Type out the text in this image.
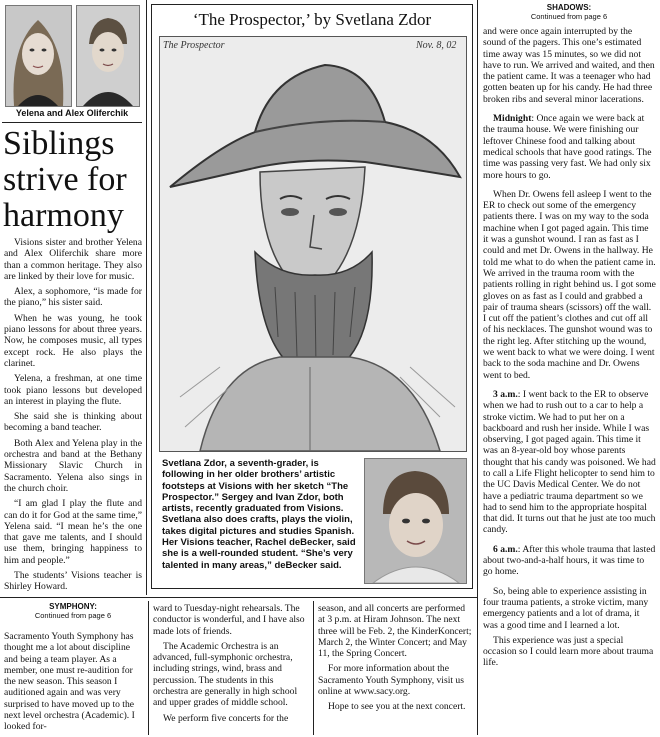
Yelena and Alex Oliferchik
Siblings strive for harmony

Visions sister and brother Yelena and Alex Oliferchik share more than a common heritage. They also are linked by their love for music.

Alex, a sophomore, “is made for the piano,” his sister said.

When he was young, he took piano lessons for about three years. Now, he composes music, all types except rock. He also plays the clarinet.

Yelena, a freshman, at one time took piano lessons but developed an interest in playing the flute.

She said she is thinking about becoming a band teacher.

Both Alex and Yelena play in the orchestra and band at the Bethany Missionary Slavic Church in Sacramento. Yelena also sings in the church choir.

“I am glad I play the flute and can do it for God at the same time,” Yelena said. “I mean he’s the one that gave me talents, and I should use them, bringing happiness to him and people.”

The students’ Visions teacher is Shirley Howard.

‘The Prospector,’ by Svetlana Zdor
The Prospector	Nov. 8, 02
Svetlana Zdor, a seventh-grader, is following in her older brothers’ artistic footsteps at Visions with her sketch “The Prospector.” Sergey and Ivan Zdor, both artists, recently graduated from Visions. Svetlana also does crafts, plays the violin, takes digital pictures and studies Spanish. Her Visions teacher, Rachel deBecker, said she is a well-rounded student. “She’s very talented in many areas,” deBecker said.
SHADOWS:
Continued from page 6

and were once again interrupted by the sound of the pagers. This one’s estimated time away was 15 minutes, so we did not have to run. We arrived and waited, and then the patient came. It was a teenager who had gotten beaten up for his candy. He had three broken ribs and several minor lacerations.

Midnight: Once again we were back at the trauma house. We were finishing our leftover Chinese food and talking about medical schools that have good ratings. The time was passing very fast. We had only six more hours to go.

When Dr. Owens fell asleep I went to the ER to check out some of the emergency patients there. I was on my way to the soda machine when I got paged again. This time it was a gunshot wound. I ran as fast as I could and met Dr. Owens in the hallway. He told me what to do when the patient came in. We arrived in the trauma room with the patients rolling in right behind us. I got some gloves on as fast as I could and grabbed a pair of trauma shears (scissors) off the wall. I cut off the patient’s clothes and cut off all of his necklaces. The gunshot wound was to the right leg. After stitching up the wound, we went back to what we were doing. I went back to the soda machine and Dr. Owens went to bed.

3 a.m.: I went back to the ER to observe when we had to rush out to a car to help a stroke victim. We had to put her on a backboard and rush her inside. While I was observing, I got paged again. This time it was an 8-year-old boy whose parents thought that his candy was poisoned. We had to call a Life Flight helicopter to send him to the UC Davis Medical Center. We do not have a pediatric trauma department so we had to send him to the appropriate hospital that did. It turns out that he just ate too much candy.

6 a.m.: After this whole trauma that lasted about two-and-a-half hours, it was time to go home.

So, being able to experience assisting in four trauma patients, a stroke victim, many emergency patients and a lot of drama, it was a good time and I learned a lot.

This experience was just a special occasion so I could learn more about trauma life.

SYMPHONY:
Continued from page 6

Sacramento Youth Symphony has thought me a lot about discipline and being a team player. As a member, one must re-audition for the new season. This season I auditioned again and was very surprised to have moved up to the next level orchestra (Academic). I looked for-

ward to Tuesday-night rehearsals. The conductor is wonderful, and I have also made lots of friends.

The Academic Orchestra is an advanced, full-symphonic orchestra, including strings, wind, brass and percussion. The students in this orchestra are generally in high school and upper grades of middle school.

We perform five concerts for the

season, and all concerts are performed at 3 p.m. at Hiram Johnson. The next three will be Feb. 2, the KinderKoncert; March 2, the Winter Concert; and May 11, the Spring Concert.

For more information about the Sacramento Youth Symphony, visit us online at www.sacy.org.

Hope to see you at the next concert.
